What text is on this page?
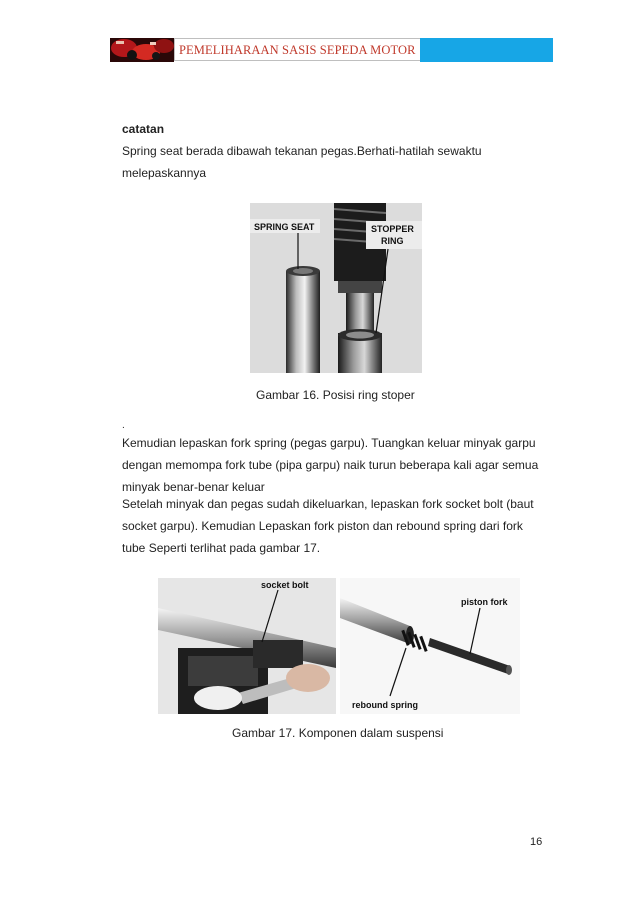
PEMELIHARAAN SASIS SEPEDA MOTOR
catatan
Spring seat berada dibawah tekanan pegas.Berhati-hatilah sewaktu
melepaskannya
SPRING SEAT	STOPPER
RING
Gambar 16. Posisi ring stoper
.
Kemudian lepaskan fork spring (pegas garpu). Tuangkan keluar minyak garpu
dengan memompa fork tube (pipa garpu) naik turun beberapa kali agar semua
minyak benar-benar keluar
Setelah minyak dan pegas sudah dikeluarkan, lepaskan fork socket bolt (baut
socket garpu). Kemudian Lepaskan fork piston dan rebound spring dari fork
tube Seperti terlihat pada gambar 17.
socket bolt
piston fork
rebound spring
Gambar 17. Komponen dalam suspensi
16
